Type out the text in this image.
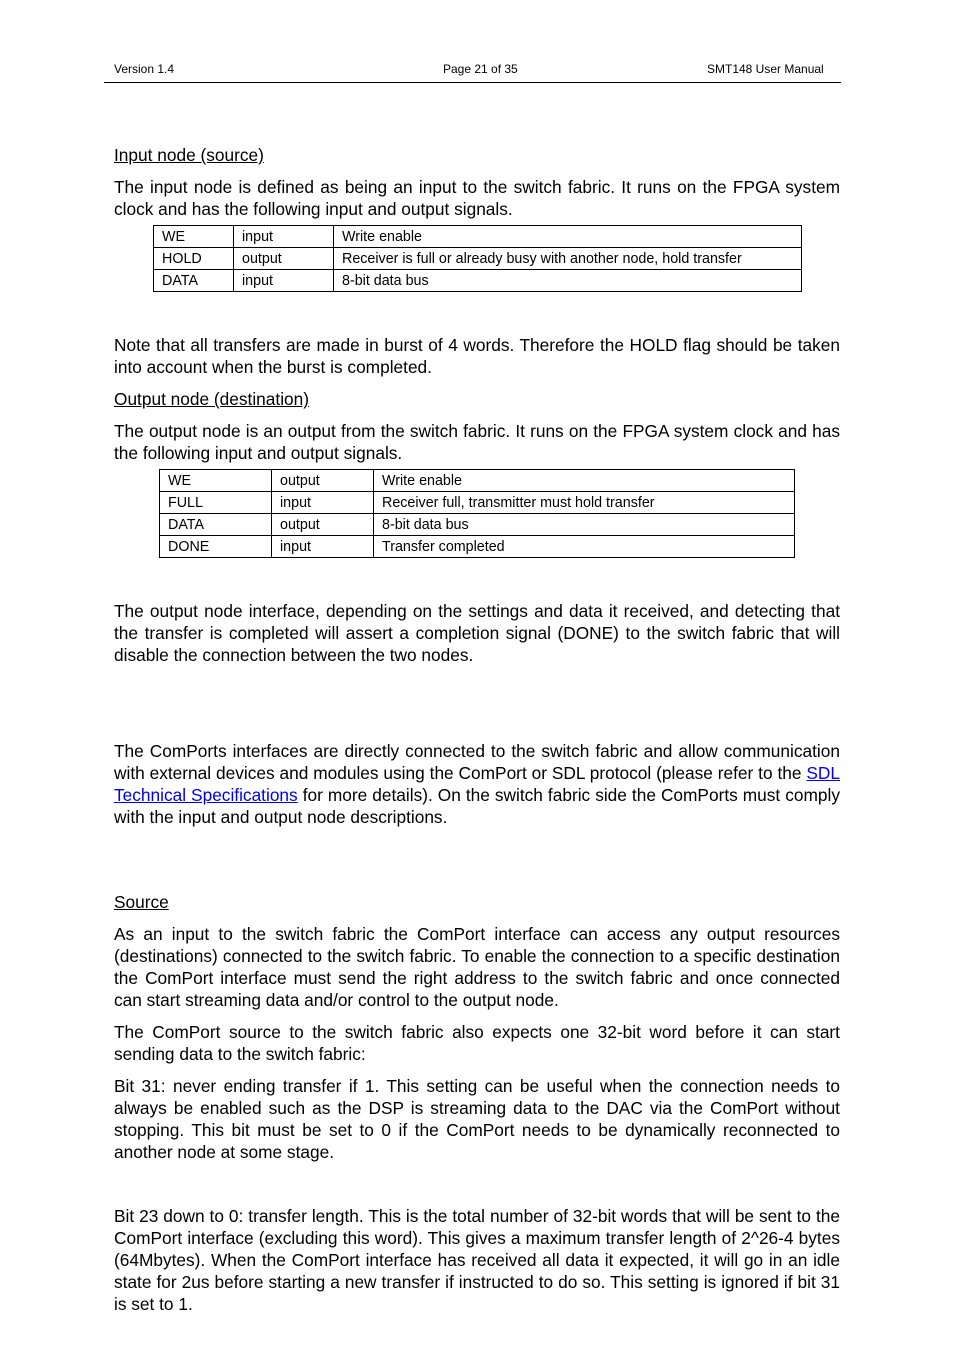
Version 1.4	Page 21 of 35	SMT148 User Manual

Input node (source)

The input node is defined as being an input to the switch fabric. It runs on the FPGA system clock and has the following input and output signals.

WE	input	Write enable
HOLD	output	Receiver is full or already busy with another node, hold transfer
DATA	input	8-bit data bus

Note that all transfers are made in burst of 4 words. Therefore the HOLD flag should be taken into account when the burst is completed.

Output node (destination)

The output node is an output from the switch fabric. It runs on the FPGA system clock and has the following input and output signals.

WE	output	Write enable
FULL	input	Receiver full, transmitter must hold transfer
DATA	output	8-bit data bus
DONE	input	Transfer completed

The output node interface, depending on the settings and data it received, and detecting that the transfer is completed will assert a completion signal (DONE) to the switch fabric that will disable the connection between the two nodes.

The ComPorts interfaces are directly connected to the switch fabric and allow communication with external devices and modules using the ComPort or SDL protocol (please refer to the SDL Technical Specifications for more details). On the switch fabric side the ComPorts must comply with the input and output node descriptions.

Source

As an input to the switch fabric the ComPort interface can access any output resources (destinations) connected to the switch fabric. To enable the connection to a specific destination the ComPort interface must send the right address to the switch fabric and once connected can start streaming data and/or control to the output node.

The ComPort source to the switch fabric also expects one 32-bit word before it can start sending data to the switch fabric:

Bit 31: never ending transfer if 1. This setting can be useful when the connection needs to always be enabled such as the DSP is streaming data to the DAC via the ComPort without stopping. This bit must be set to 0 if the ComPort needs to be dynamically reconnected to another node at some stage.

Bit 23 down to 0: transfer length. This is the total number of 32-bit words that will be sent to the ComPort interface (excluding this word). This gives a maximum transfer length of 2^26-4 bytes (64Mbytes). When the ComPort interface has received all data it expected, it will go in an idle state for 2us before starting a new transfer if instructed to do so. This setting is ignored if bit 31 is set to 1.
